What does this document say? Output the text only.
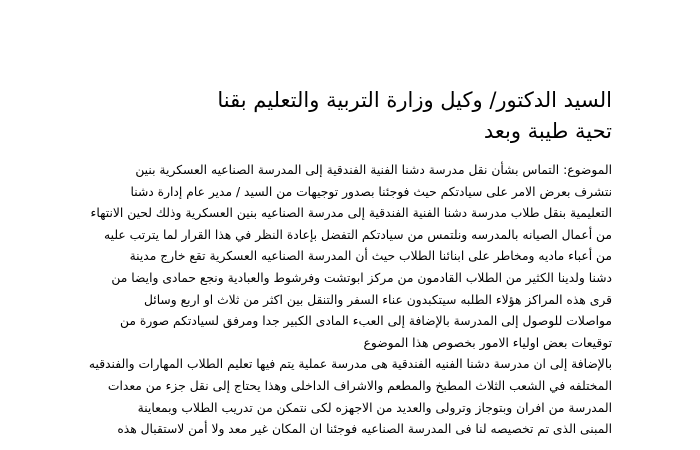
السيد الدكتور/ وكيل وزارة التربية والتعليم بقنا
تحية طيبة وبعد
الموضوع: التماس بشأن نقل مدرسة دشنا الفنية الفندقية إلى المدرسة الصناعيه العسكرية بنين
نتشرف بعرض الامر على سيادتكم حيث فوجئنا بصدور توجيهات من السيد / مدير عام إدارة دشنا
التعليمية بنقل طلاب مدرسة دشنا الفنية الفندقية إلى مدرسة الصناعيه بنين العسكرية وذلك لحين الانتهاء
من أعمال الصيانه بالمدرسه ونلتمس من سيادتكم التفضل بإعادة النظر في هذا القرار لما يترتب عليه
من أعباء ماديه ومخاطر على ابنائنا الطلاب حيث أن المدرسة الصناعيه العسكرية تقع خارج مدينة
دشنا ولدينا الكثير من الطلاب القادمون من مركز ابوتشت وفرشوط والعبادية ونجع حمادى وايضا من
قرى هذه المراكز هؤلاء الطلبه سيتكبدون عناء السفر والتنقل بين اكثر من ثلاث او اربع وسائل
مواصلات للوصول إلى المدرسة بالإضافة إلى العبء المادى الكبير جدا ومرفق لسيادتكم صورة من
توقيعات بعض اولياء الامور بخصوص هذا الموضوع
بالإضافة إلى ان مدرسة دشنا الفنيه الفندقية هى مدرسة عملية يتم فيها تعليم الطلاب المهارات والفندقيه
المختلفه في الشعب الثلاث المطبخ والمطعم والاشراف الداخلى وهذا يحتاج إلى نقل جزء من معدات
المدرسة من افران وبتوجاز وترولى والعديد من الاجهزه لكى نتمكن من تدريب الطلاب وبمعاينة
المبنى الذى تم تخصيصه لنا فى المدرسة الصناعيه فوجئنا ان المكان غير معد ولا أمن لاستقبال هذه
